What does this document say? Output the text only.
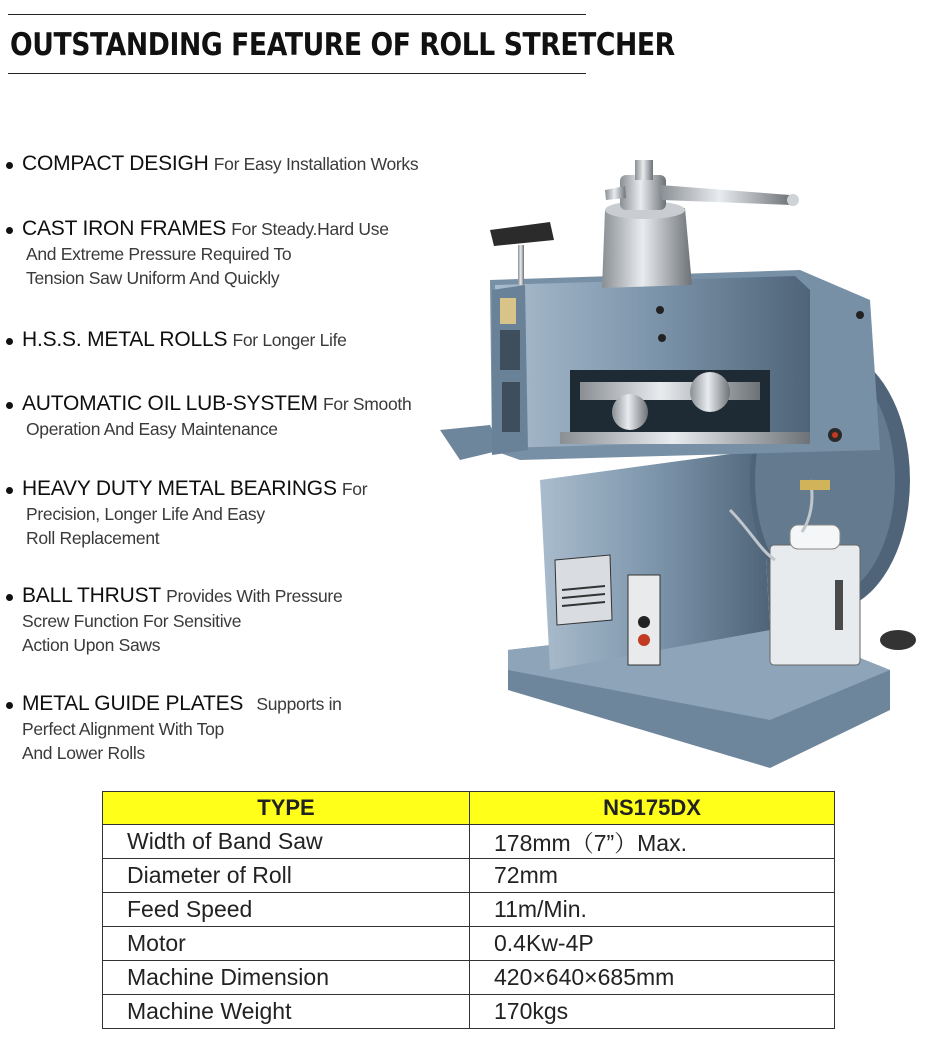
OUTSTANDING FEATURE OF ROLL STRETCHER
COMPACT DESIGH For Easy Installation Works
CAST IRON FRAMES For Steady.Hard Use
And Extreme Pressure Required To
Tension Saw Uniform And Quickly
H.S.S. METAL ROLLS For Longer Life
AUTOMATIC OIL LUB-SYSTEM For Smooth
Operation And Easy Maintenance
HEAVY DUTY METAL BEARINGS For
Precision, Longer Life And Easy
Roll Replacement
BALL THRUST Provides With Pressure
Screw Function For Sensitive
Action Upon Saws
METAL GUIDE PLATES Supports in
Perfect Alignment With Top
And Lower Rolls
TYPE	NS175DX
Width of Band Saw	178mm（7”）Max.
Diameter of Roll	72mm
Feed Speed	11m/Min.
Motor	0.4Kw-4P
Machine Dimension	420×640×685mm
Machine Weight	170kgs
